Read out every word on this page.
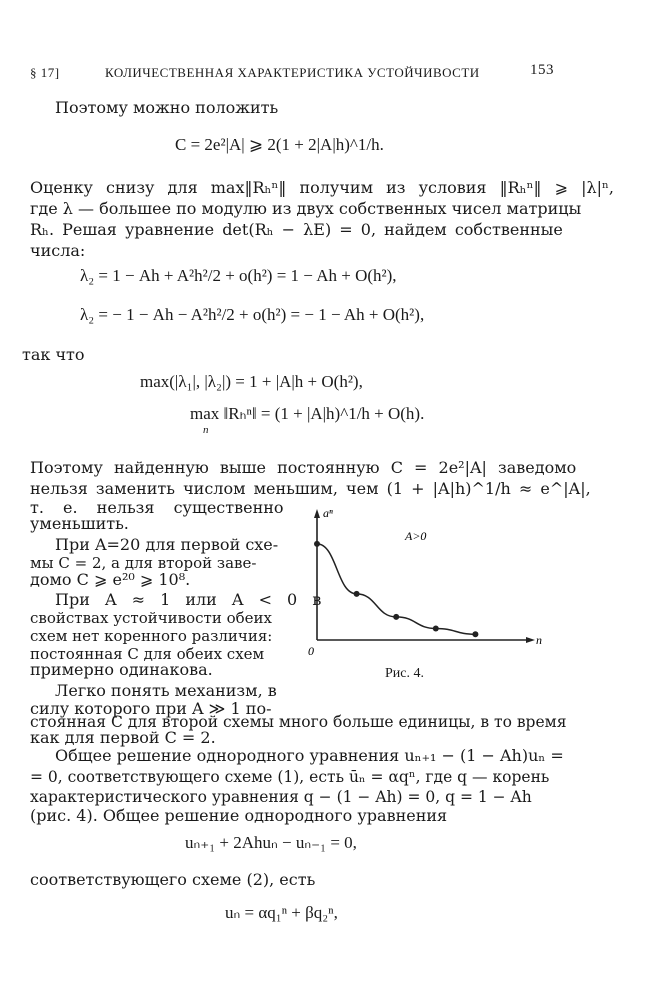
§ 17]	КОЛИЧЕСТВЕННАЯ ХАРАКТЕРИСТИКА УСТОЙЧИВОСТИ	153
Поэтому можно положить
C = 2e²|A| ⩾ 2(1 + 2|A|h)^1/h.
Оценку снизу для max‖Rₕⁿ‖ получим из условия ‖Rₕⁿ‖ ⩾ |λ|ⁿ,
где λ — большее по модулю из двух собственных чисел матрицы
Rₕ. Решая уравнение det(Rₕ − λE) = 0, найдем собственные
числа:
λ₂ = 1 − Ah + A²h²/2 + o(h²) = 1 − Ah + O(h²),
λ₂ = − 1 − Ah − A²h²/2 + o(h²) = − 1 − Ah + O(h²),
так что
max(|λ₁|, |λ₂|) = 1 + |A|h + O(h²),
max ‖Rₕⁿ‖ = (1 + |A|h)^1/h + O(h).
n
Поэтому найденную выше постоянную C = 2e²|A| заведомо
нельзя заменить числом меньшим, чем (1 + |A|h)^1/h ≈ e^|A|,
т. е. нельзя существенно
уменьшить.
При A=20 для первой схе-
мы C = 2, а для второй заве-
домо C ⩾ e²⁰ ⩾ 10⁸.
При A ≈ 1 или A < 0 в
свойствах устойчивости обеих
схем нет коренного различия:
постоянная C для обеих схем
примерно одинакова.
Легко понять механизм, в
силу которого при A ≫ 1 по-
aⁿ
n
0
A>0
Рис. 4.
стоянная C для второй схемы много больше единицы, в то время
как для первой C = 2.
Общее решение однородного уравнения uₙ₊₁ − (1 − Ah)uₙ =
= 0, соответствующего схеме (1), есть ūₙ = αqⁿ, где q — корень
характеристического уравнения q − (1 − Ah) = 0, q = 1 − Ah
(рис. 4). Общее решение однородного уравнения
uₙ₊₁ + 2Ahuₙ − uₙ₋₁ = 0,
соответствующего схеме (2), есть
uₙ = αq₁ⁿ + βq₂ⁿ,
